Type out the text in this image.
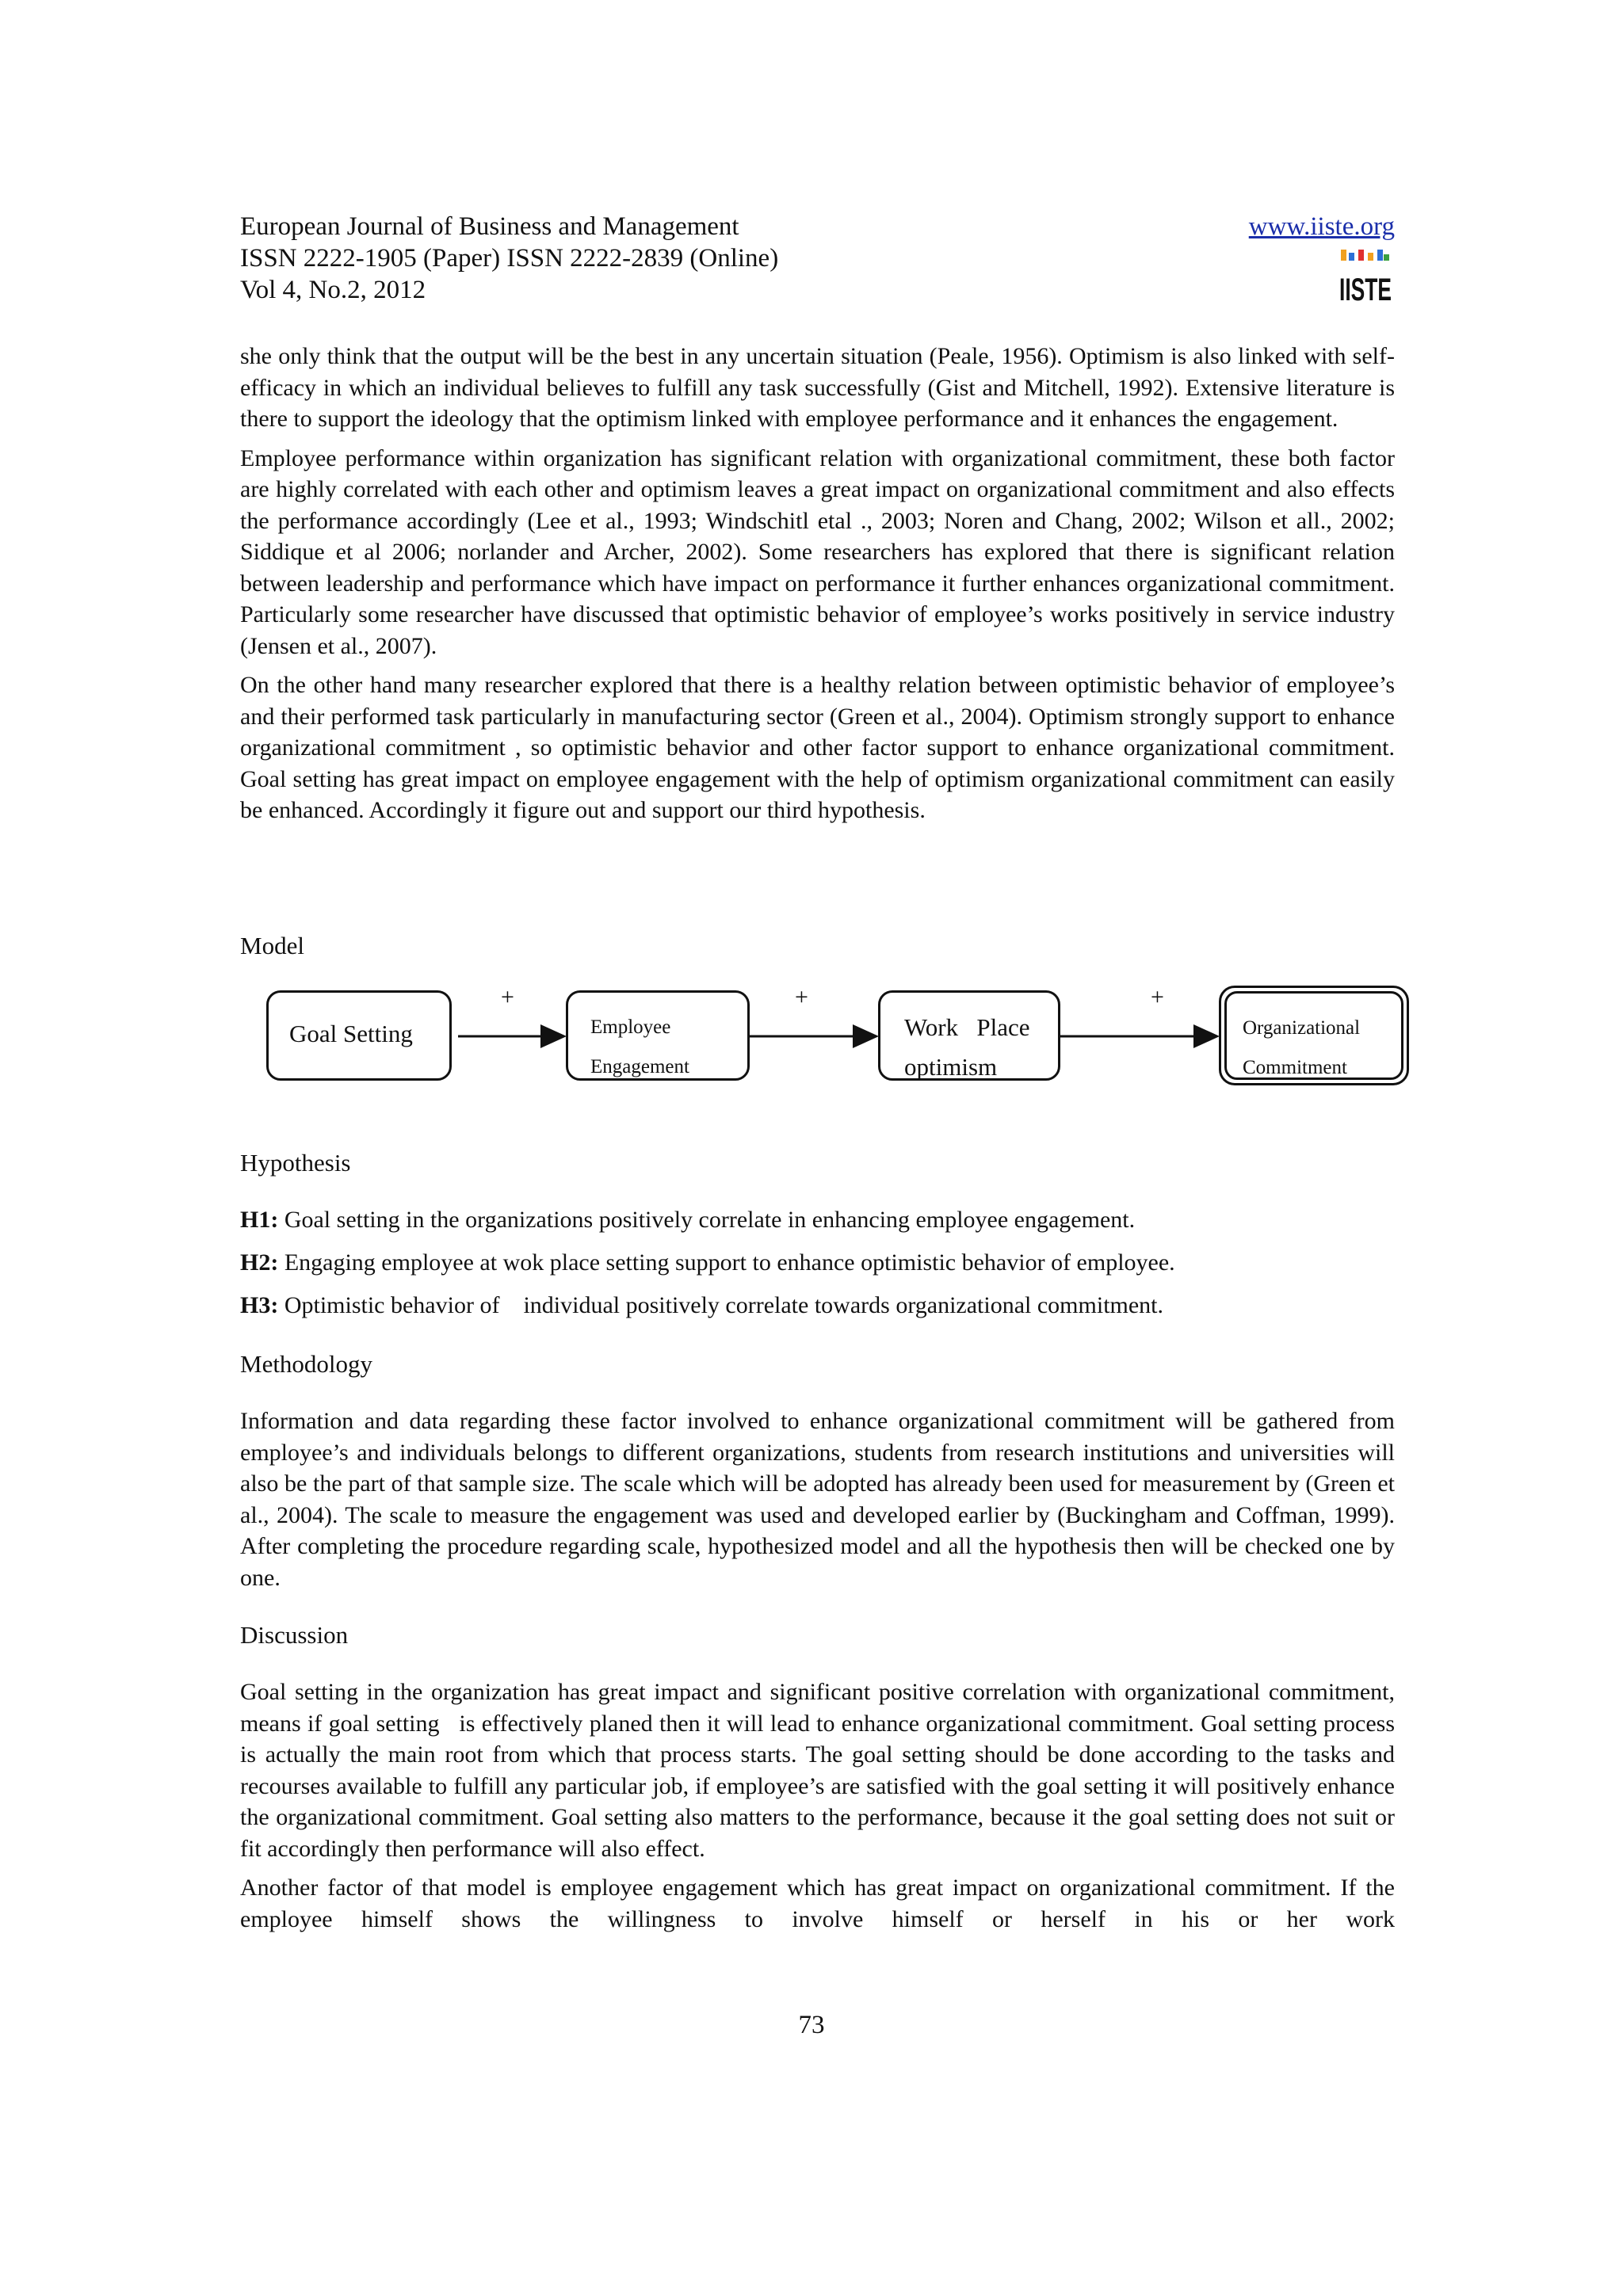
European Journal of Business and Management
ISSN 2222-1905 (Paper) ISSN 2222-2839 (Online)
Vol 4, No.2, 2012
www.iiste.org
IISTE

she only think that the output will be the best in any uncertain situation (Peale, 1956). Optimism is also linked with self-efficacy in which an individual believes to fulfill any task successfully (Gist and Mitchell, 1992). Extensive literature is there to support the ideology that the optimism linked with employee performance and it enhances the engagement.

Employee performance within organization has significant relation with organizational commitment, these both factor are highly correlated with each other and optimism leaves a great impact on organizational commitment and also effects the performance accordingly (Lee et al., 1993; Windschitl etal ., 2003; Noren and Chang, 2002; Wilson et all., 2002; Siddique et al 2006; norlander and Archer, 2002). Some researchers has explored that there is significant relation between leadership and performance which have impact on performance it further enhances organizational commitment. Particularly some researcher have discussed that optimistic behavior of employee’s works positively in service industry (Jensen et al., 2007).

On the other hand many researcher explored that there is a healthy relation between optimistic behavior of employee’s and their performed task particularly in manufacturing sector (Green et al., 2004). Optimism strongly support to enhance organizational commitment , so optimistic behavior and other factor support to enhance organizational commitment. Goal setting has great impact on employee engagement with the help of optimism organizational commitment can easily be enhanced. Accordingly it figure out and support our third hypothesis.

Model
Goal Setting
+
Employee
Engagement
+
Work   Place
optimism
+
Organizational
Commitment
Hypothesis
H1: Goal setting in the organizations positively correlate in enhancing employee engagement.
H2: Engaging employee at wok place setting support to enhance optimistic behavior of employee.
H3: Optimistic behavior of    individual positively correlate towards organizational commitment.
Methodology

Information and data regarding these factor involved to enhance organizational commitment will be gathered from employee’s and individuals belongs to different organizations, students from research institutions and universities will also be the part of that sample size. The scale which will be adopted has already been used for measurement by (Green et al., 2004). The scale to measure the engagement was used and developed earlier by (Buckingham and Coffman, 1999). After completing the procedure regarding scale, hypothesized model and all the hypothesis then will be checked one by one.

Discussion

Goal setting in the organization has great impact and significant positive correlation with organizational commitment, means if goal setting   is effectively planed then it will lead to enhance organizational commitment. Goal setting process is actually the main root from which that process starts. The goal setting should be done according to the tasks and recourses available to fulfill any particular job, if employee’s are satisfied with the goal setting it will positively enhance the organizational commitment. Goal setting also matters to the performance, because it the goal setting does not suit or fit accordingly then performance will also effect.

Another factor of that model is employee engagement which has great impact on organizational commitment. If the employee himself shows the willingness to involve himself or herself in his or her work

73
